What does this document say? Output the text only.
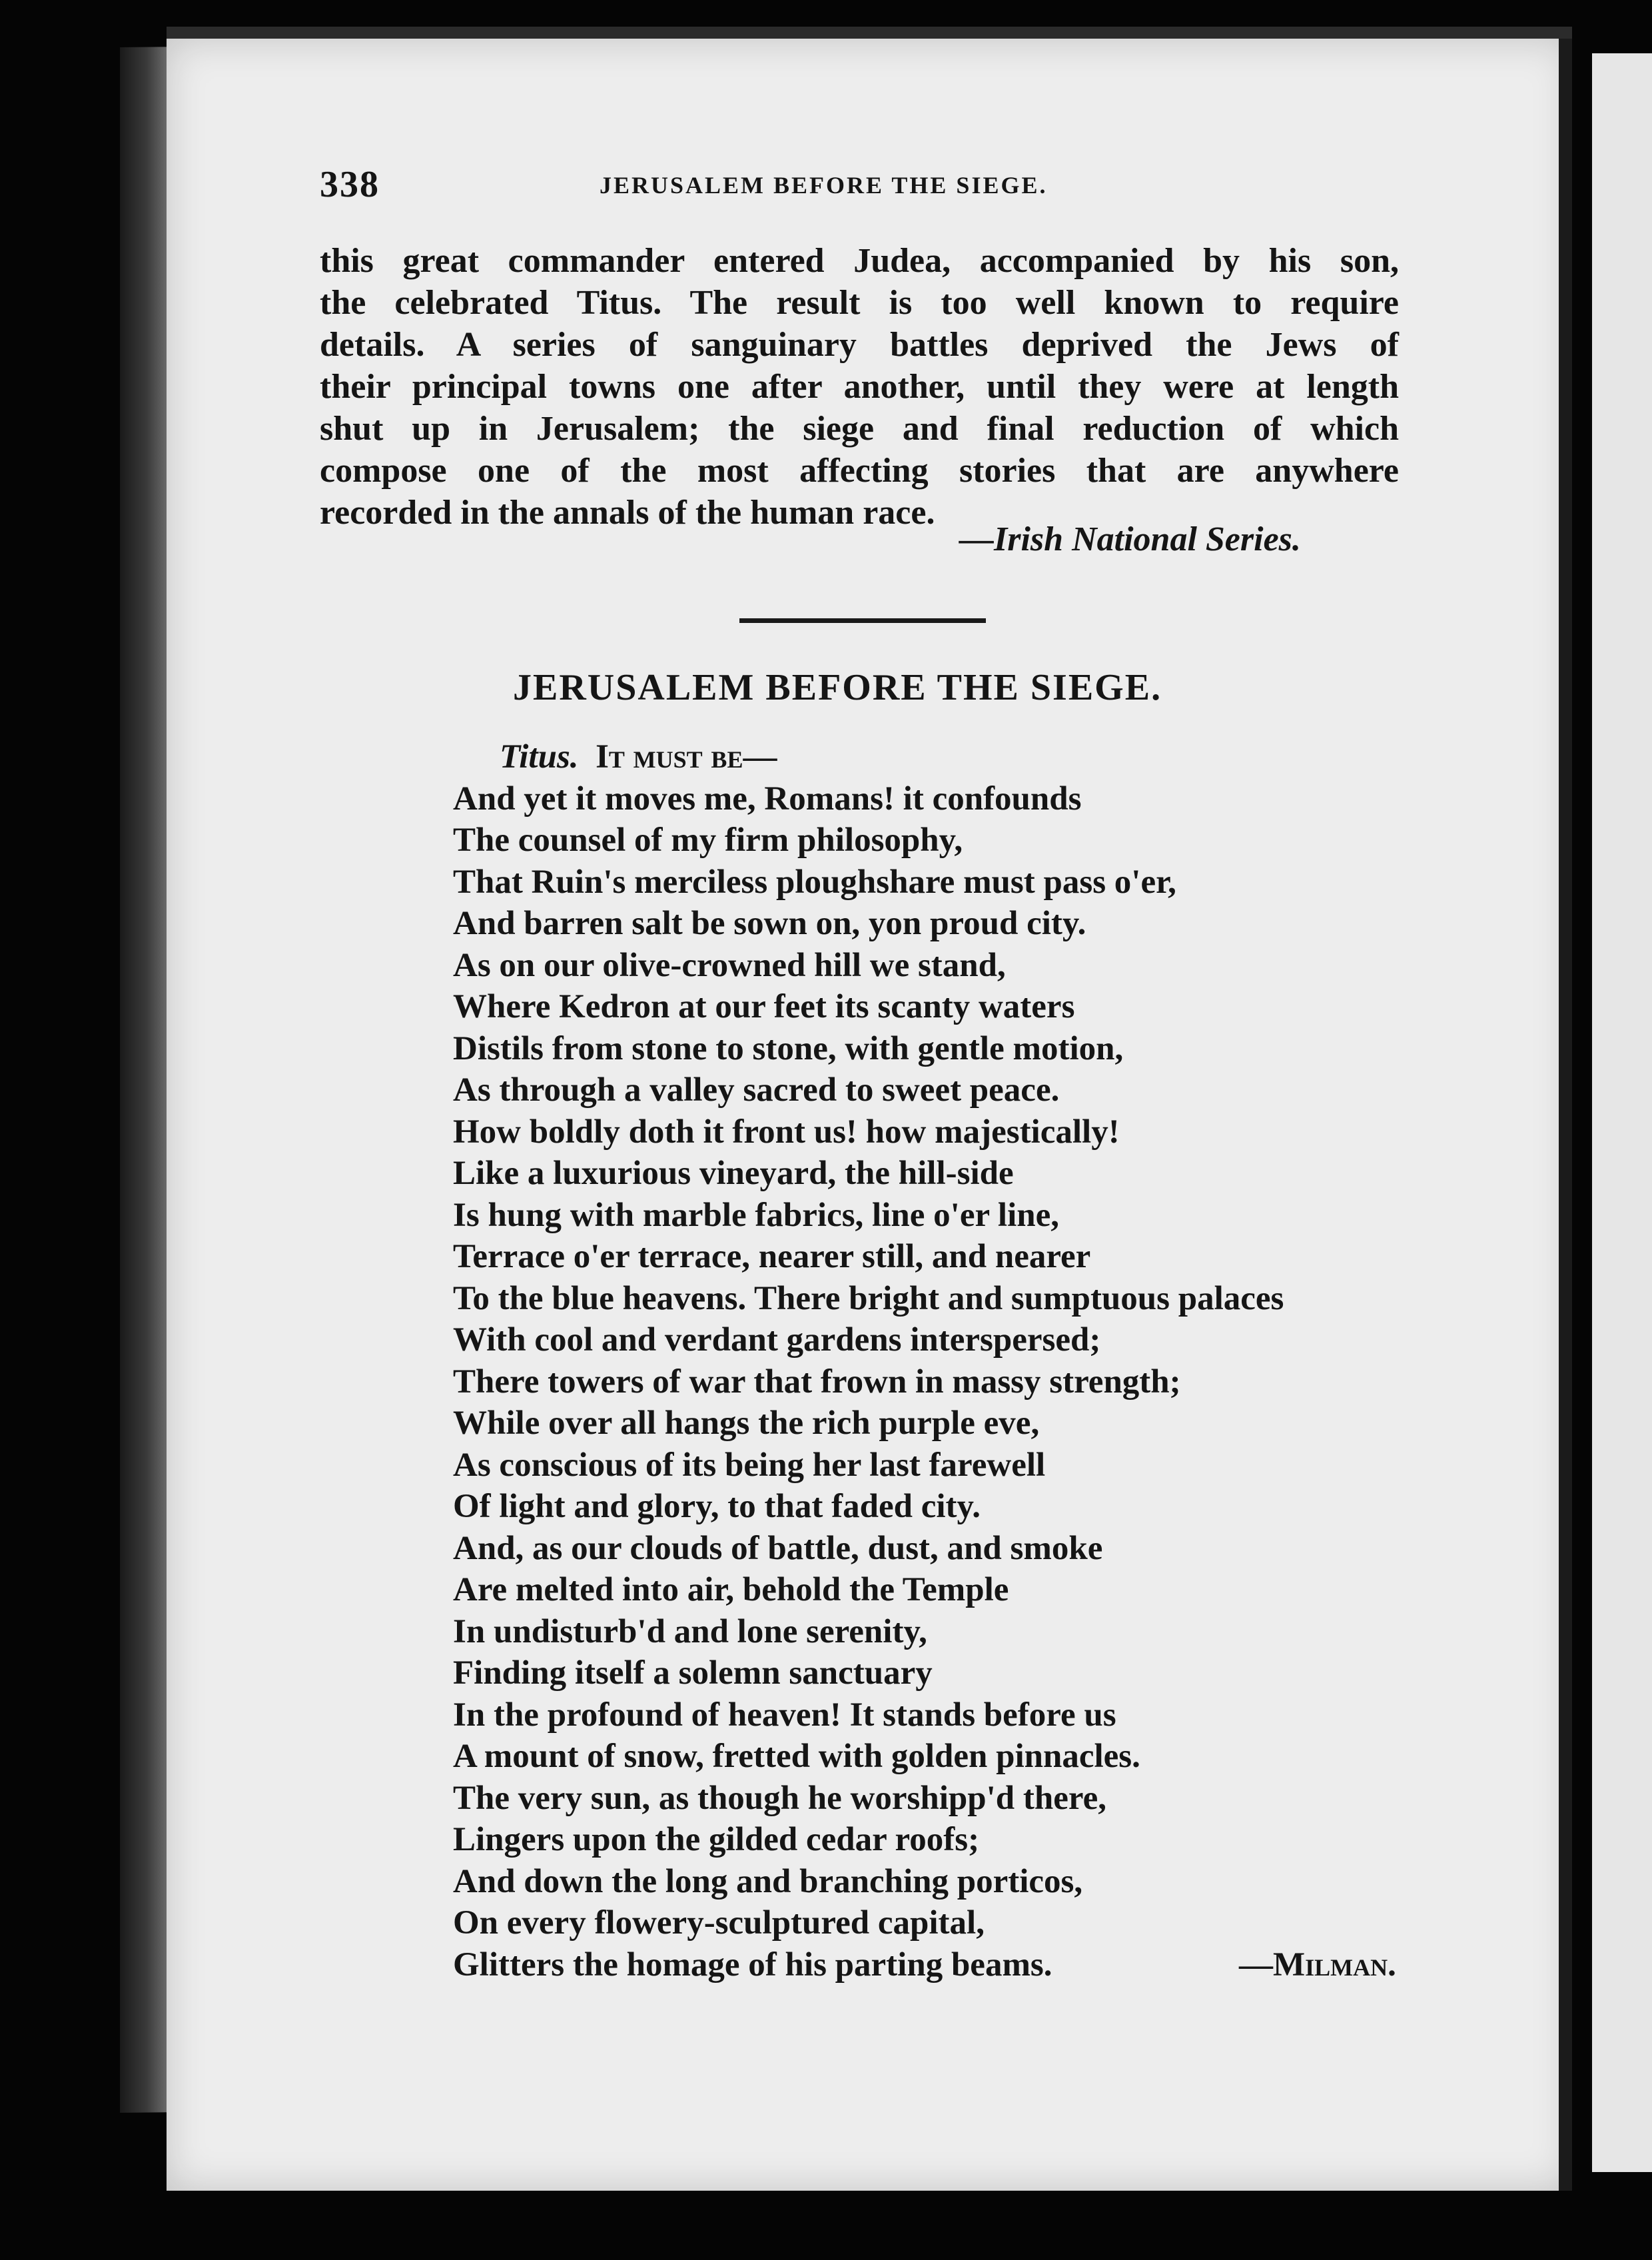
338	JERUSALEM BEFORE THE SIEGE.
this great commander entered Judea, accompanied by his son,
the celebrated Titus. The result is too well known to require
details. A series of sanguinary battles deprived the Jews of
their principal towns one after another, until they were at length
shut up in Jerusalem; the siege and final reduction of which
compose one of the most affecting stories that are anywhere
recorded in the annals of the human race.
—Irish National Series.
JERUSALEM BEFORE THE SIEGE.
Titus. It must be—
And yet it moves me, Romans! it confounds
The counsel of my firm philosophy,
That Ruin's merciless ploughshare must pass o'er,
And barren salt be sown on, yon proud city.
As on our olive-crowned hill we stand,
Where Kedron at our feet its scanty waters
Distils from stone to stone, with gentle motion,
As through a valley sacred to sweet peace.
How boldly doth it front us! how majestically!
Like a luxurious vineyard, the hill-side
Is hung with marble fabrics, line o'er line,
Terrace o'er terrace, nearer still, and nearer
To the blue heavens. There bright and sumptuous palaces
With cool and verdant gardens interspersed;
There towers of war that frown in massy strength;
While over all hangs the rich purple eve,
As conscious of its being her last farewell
Of light and glory, to that faded city.
And, as our clouds of battle, dust, and smoke
Are melted into air, behold the Temple
In undisturb'd and lone serenity,
Finding itself a solemn sanctuary
In the profound of heaven! It stands before us
A mount of snow, fretted with golden pinnacles.
The very sun, as though he worshipp'd there,
Lingers upon the gilded cedar roofs;
And down the long and branching porticos,
On every flowery-sculptured capital,
Glitters the homage of his parting beams.	—Milman.
